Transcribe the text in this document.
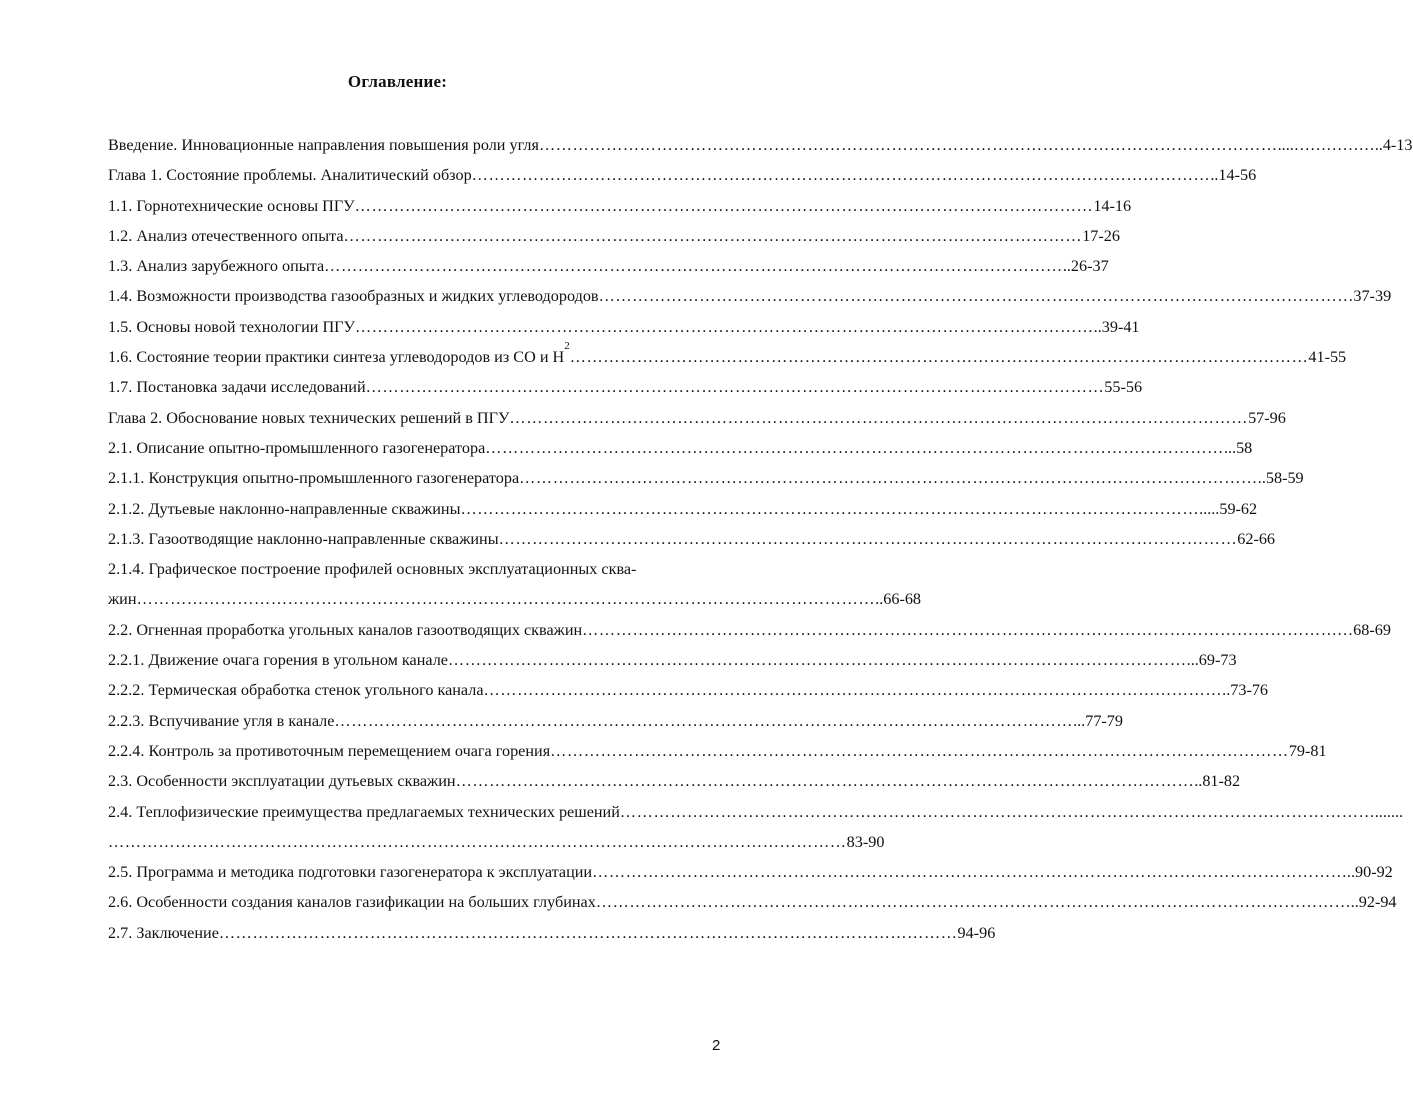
Оглавление:
Введение. Инновационные направления повышения роли угля …………………………………………………………………………………………………………………… ....……………..4-13
Глава 1. Состояние проблемы. Аналитический обзор …………………………………………………………………………………………………………………… ..14-56
1.1. Горнотехнические основы ПГУ …………………………………………………………………………………………………………………… 14-16
1.2. Анализ отечественного опыта …………………………………………………………………………………………………………………… 17-26
1.3. Анализ зарубежного опыта …………………………………………………………………………………………………………………… ..26-37
1.4. Возможности производства газообразных и жидких углеводородов …………………………………………………………………………………………………………………… …37-39
1.5. Основы новой технологии ПГУ …………………………………………………………………………………………………………………… ..39-41
1.6. Состояние теории практики синтеза углеводородов из СО и Н
2
…………………………………………………………………………………………………………………… 41-55
1.7. Постановка задачи исследований …………………………………………………………………………………………………………………… 55-56
Глава 2. Обоснование новых технических решений в ПГУ …………………………………………………………………………………………………………………… 57-96
2.1. Описание опытно-промышленного газогенератора …………………………………………………………………………………………………………………… ...58
2.1.1. Конструкция опытно-промышленного газогенератора …………………………………………………………………………………………………………………… ..58-59
2.1.2. Дутьевые наклонно-направленные скважины …………………………………………………………………………………………………………………… .....59-62
2.1.3. Газоотводящие наклонно-направленные скважины …………………………………………………………………………………………………………………… 62-66
2.1.4. Графическое построение профилей основных эксплуатационных сква-
жин …………………………………………………………………………………………………………………… ..66-68
2.2. Огненная проработка угольных каналов газоотводящих скважин …………………………………………………………………………………………………………………… ……68-69
2.2.1. Движение очага горения в угольном канале …………………………………………………………………………………………………………………… ...69-73
2.2.2. Термическая обработка стенок угольного канала …………………………………………………………………………………………………………………… ..73-76
2.2.3. Вспучивание угля в канале …………………………………………………………………………………………………………………… ...77-79
2.2.4. Контроль за противоточным перемещением очага горения …………………………………………………………………………………………………………………… 79-81
2.3. Особенности эксплуатации дутьевых скважин …………………………………………………………………………………………………………………… ..81-82
2.4. Теплофизические преимущества предлагаемых технических решений …………………………………………………………………………………………………………………… ….......
…………………………………………………………………………………………………………………… 83-90
2.5. Программа и методика подготовки газогенератора к эксплуатации …………………………………………………………………………………………………………………… …..90-92
2.6. Особенности создания каналов газификации на больших глубинах …………………………………………………………………………………………………………………… …..92-94
2.7. Заключение …………………………………………………………………………………………………………………… 94-96
2
